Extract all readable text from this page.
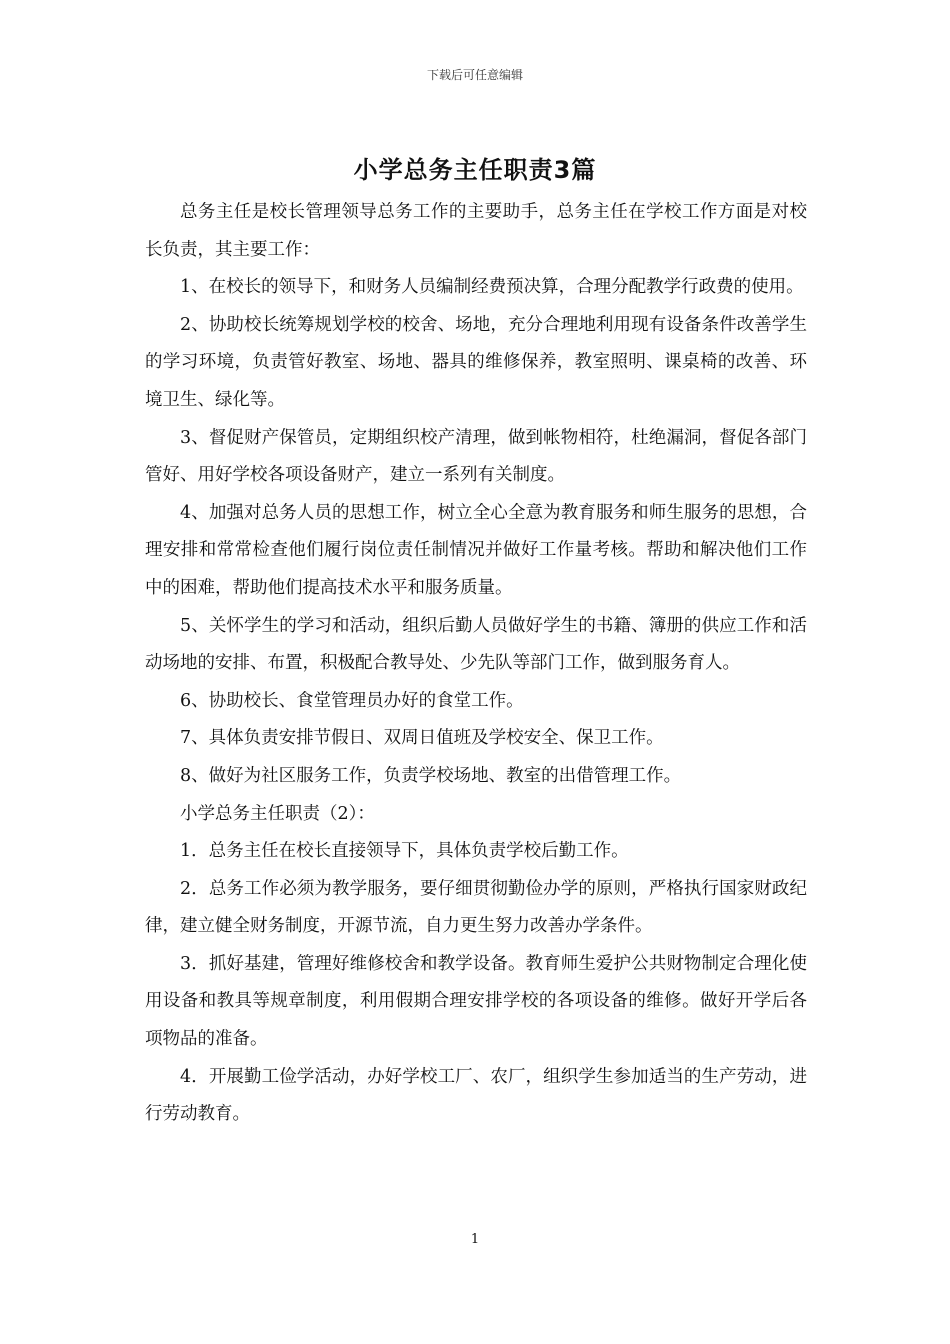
下载后可任意编辑
小学总务主任职责3篇

总务主任是校长管理领导总务工作的主要助手，总务主任在学校工作方面是对校长负责，其主要工作：

1、在校长的领导下，和财务人员编制经费预决算，合理分配教学行政费的使用。

2、协助校长统筹规划学校的校舍、场地，充分合理地利用现有设备条件改善学生的学习环境，负责管好教室、场地、器具的维修保养，教室照明、课桌椅的改善、环境卫生、绿化等。

3、督促财产保管员，定期组织校产清理，做到帐物相符，杜绝漏洞，督促各部门管好、用好学校各项设备财产，建立一系列有关制度。

4、加强对总务人员的思想工作，树立全心全意为教育服务和师生服务的思想，合理安排和常常检查他们履行岗位责任制情况并做好工作量考核。帮助和解决他们工作中的困难，帮助他们提高技术水平和服务质量。

5、关怀学生的学习和活动，组织后勤人员做好学生的书籍、簿册的供应工作和活动场地的安排、布置，积极配合教导处、少先队等部门工作，做到服务育人。

6、协助校长、食堂管理员办好的食堂工作。

7、具体负责安排节假日、双周日值班及学校安全、保卫工作。

8、做好为社区服务工作，负责学校场地、教室的出借管理工作。

小学总务主任职责（2）：

1．总务主任在校长直接领导下，具体负责学校后勤工作。

2．总务工作必须为教学服务，要仔细贯彻勤俭办学的原则，严格执行国家财政纪律，建立健全财务制度，开源节流，自力更生努力改善办学条件。

3．抓好基建，管理好维修校舍和教学设备。教育师生爱护公共财物制定合理化使用设备和教具等规章制度，利用假期合理安排学校的各项设备的维修。做好开学后各项物品的准备。

4．开展勤工俭学活动，办好学校工厂、农厂，组织学生参加适当的生产劳动，进行劳动教育。

1
